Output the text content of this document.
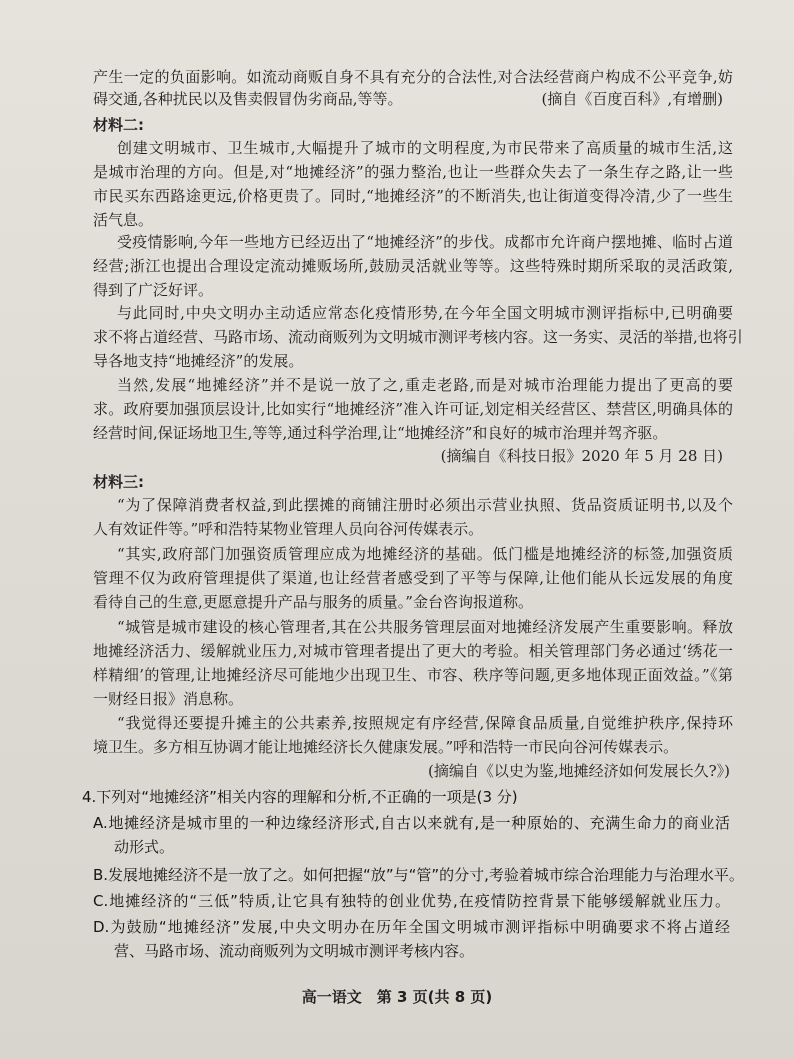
产生一定的负面影响。如流动商贩自身不具有充分的合法性,对合法经营商户构成不公平竞争,妨
碍交通,各种扰民以及售卖假冒伪劣商品,等等。	(摘自《百度百科》,有增删)
材料二:
创建文明城市、卫生城市,大幅提升了城市的文明程度,为市民带来了高质量的城市生活,这
是城市治理的方向。但是,对“地摊经济”的强力整治,也让一些群众失去了一条生存之路,让一些
市民买东西路途更远,价格更贵了。同时,“地摊经济”的不断消失,也让街道变得冷清,少了一些生
活气息。
受疫情影响,今年一些地方已经迈出了“地摊经济”的步伐。成都市允许商户摆地摊、临时占道
经营;浙江也提出合理设定流动摊贩场所,鼓励灵活就业等等。这些特殊时期所采取的灵活政策,
得到了广泛好评。
与此同时,中央文明办主动适应常态化疫情形势,在今年全国文明城市测评指标中,已明确要
求不将占道经营、马路市场、流动商贩列为文明城市测评考核内容。这一务实、灵活的举措,也将引
导各地支持“地摊经济”的发展。
当然,发展“地摊经济”并不是说一放了之,重走老路,而是对城市治理能力提出了更高的要
求。政府要加强顶层设计,比如实行“地摊经济”准入许可证,划定相关经营区、禁营区,明确具体的
经营时间,保证场地卫生,等等,通过科学治理,让“地摊经济”和良好的城市治理并驾齐驱。
(摘编自《科技日报》2020 年 5 月 28 日)
材料三:
“为了保障消费者权益,到此摆摊的商铺注册时必须出示营业执照、货品资质证明书,以及个
人有效证件等。”呼和浩特某物业管理人员向谷河传媒表示。
“其实,政府部门加强资质管理应成为地摊经济的基础。低门槛是地摊经济的标签,加强资质
管理不仅为政府管理提供了渠道,也让经营者感受到了平等与保障,让他们能从长远发展的角度
看待自己的生意,更愿意提升产品与服务的质量。”金台咨询报道称。
“城管是城市建设的核心管理者,其在公共服务管理层面对地摊经济发展产生重要影响。释放
地摊经济活力、缓解就业压力,对城市管理者提出了更大的考验。相关管理部门务必通过‘绣花一
样精细’的管理,让地摊经济尽可能地少出现卫生、市容、秩序等问题,更多地体现正面效益。”《第
一财经日报》消息称。
“我觉得还要提升摊主的公共素养,按照规定有序经营,保障食品质量,自觉维护秩序,保持环
境卫生。多方相互协调才能让地摊经济长久健康发展。”呼和浩特一市民向谷河传媒表示。
(摘编自《以史为鉴,地摊经济如何发展长久?》)
4.下列对“地摊经济”相关内容的理解和分析,不正确的一项是(3 分)
A.地摊经济是城市里的一种边缘经济形式,自古以来就有,是一种原始的、充满生命力的商业活
动形式。
B.发展地摊经济不是一放了之。如何把握“放”与“管”的分寸,考验着城市综合治理能力与治理水平。
C.地摊经济的“三低”特质,让它具有独特的创业优势,在疫情防控背景下能够缓解就业压力。
D.为鼓励“地摊经济”发展,中央文明办在历年全国文明城市测评指标中明确要求不将占道经
营、马路市场、流动商贩列为文明城市测评考核内容。
高一语文　第 3 页(共 8 页)
